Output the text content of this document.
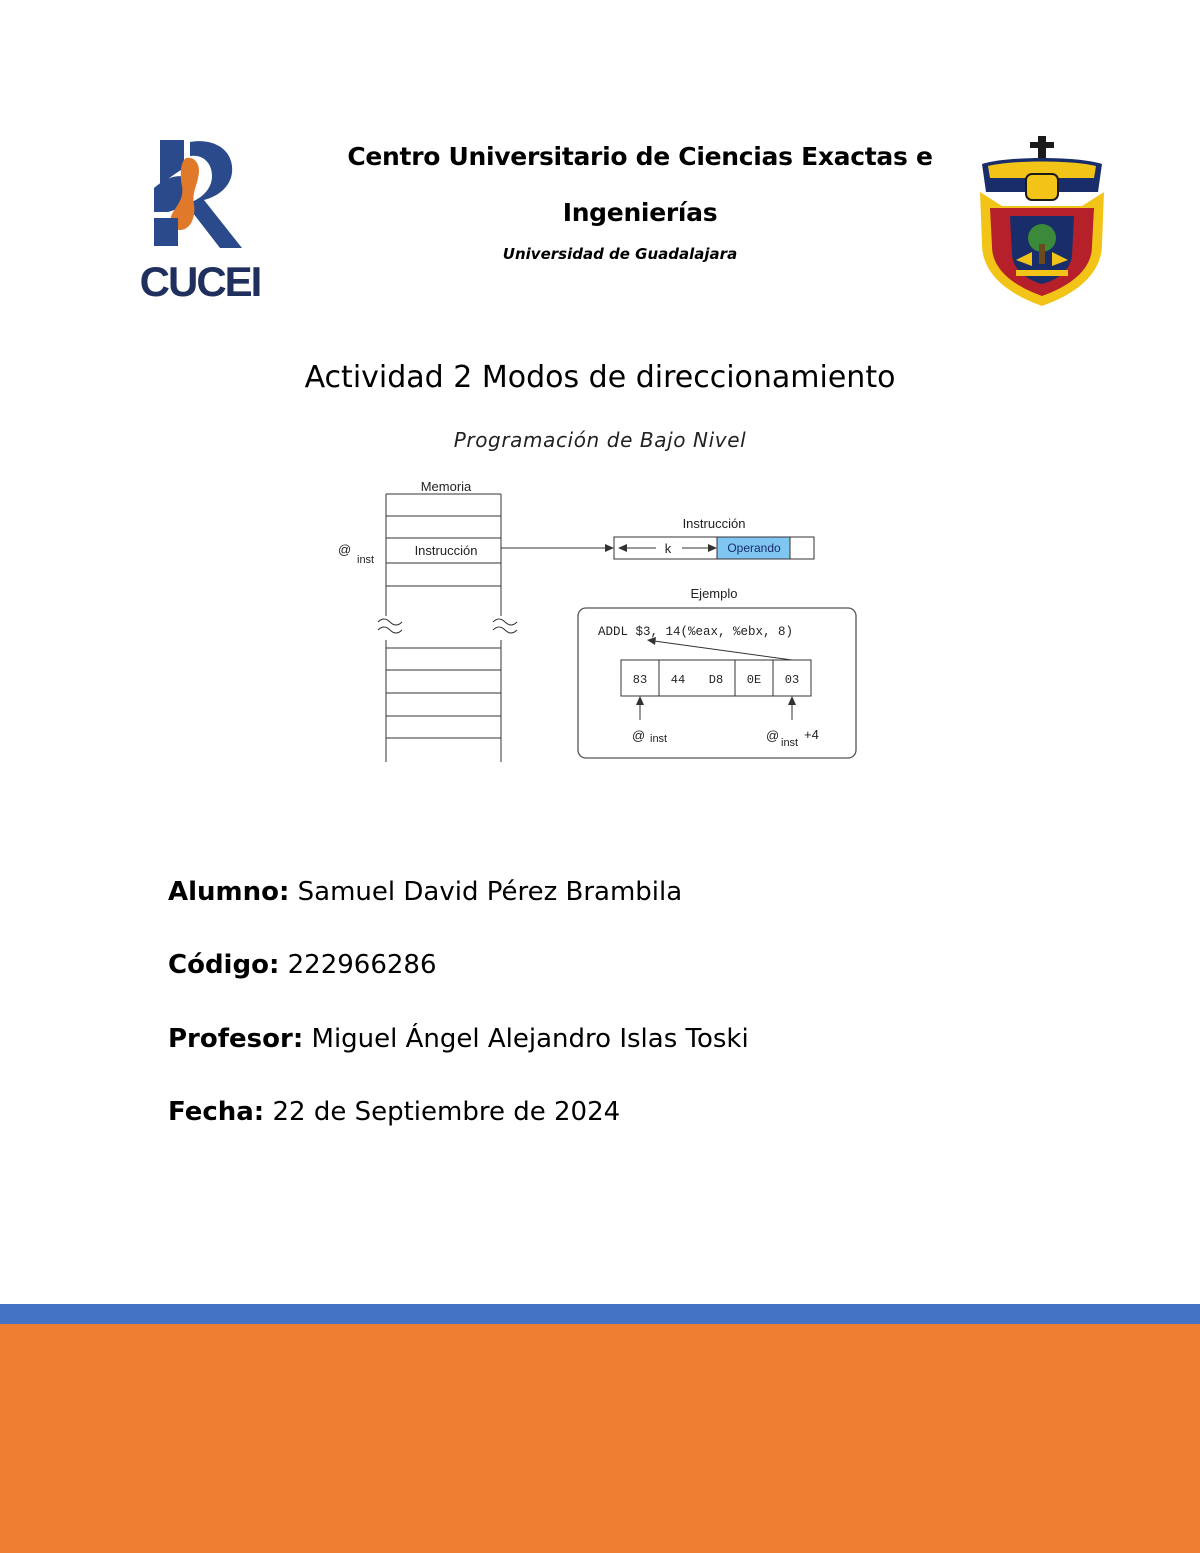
CUCEI
Centro Universitario de Ciencias Exactas e
Ingenierías
Universidad de Guadalajara
Actividad 2 Modos de direccionamiento
Programación de Bajo Nivel
Memoria
Instrucción
@
inst
Instrucción
k	Operando
Ejemplo
ADDL $3, 14(%eax, %ebx, 8)
83 44 D8 0E 03
@ inst	@ inst
+4
Alumno: Samuel David Pérez Brambila
Código: 222966286
Profesor: Miguel Ángel Alejandro Islas Toski
Fecha: 22 de Septiembre de 2024
